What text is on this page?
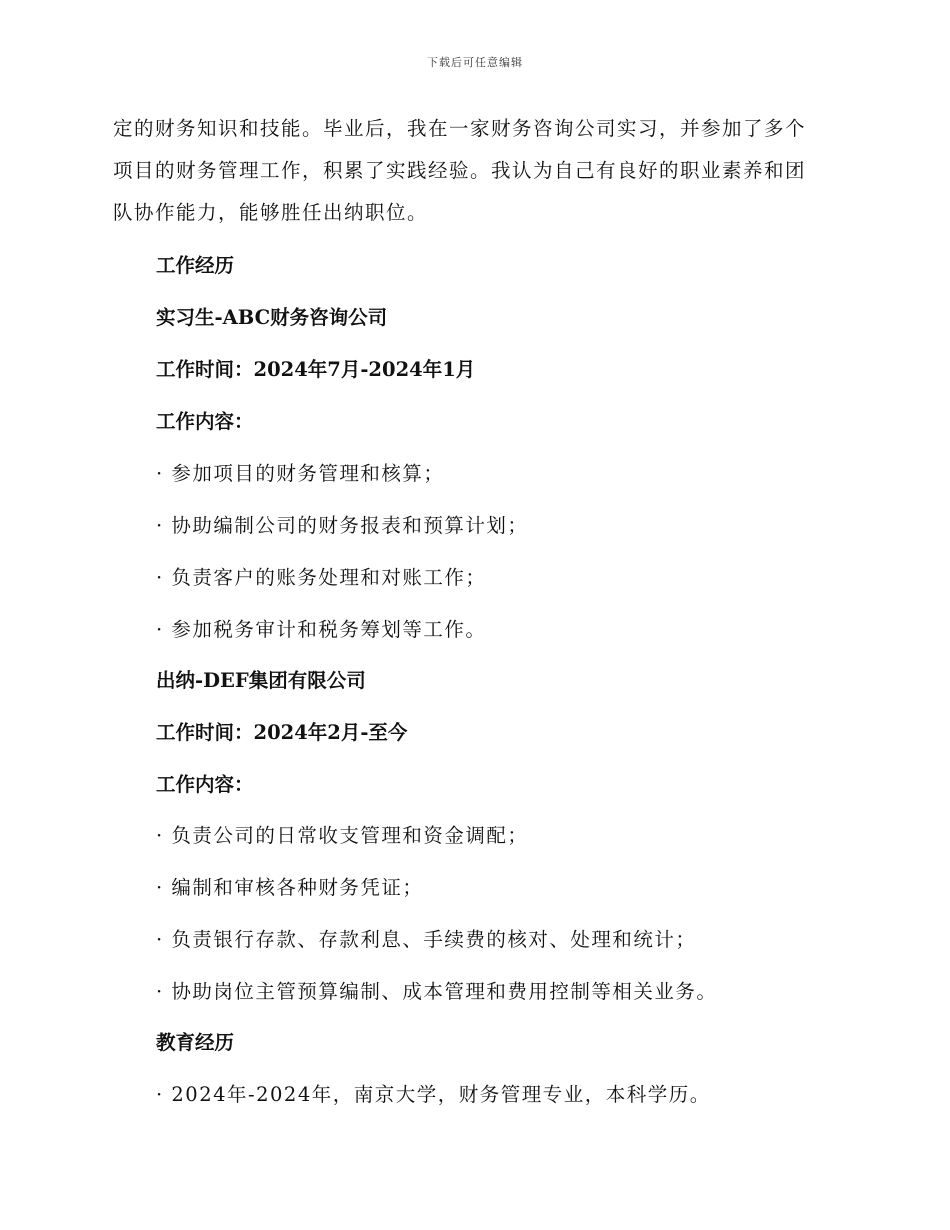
下载后可任意编辑

定的财务知识和技能。毕业后，我在一家财务咨询公司实习，并参加了多个

项目的财务管理工作，积累了实践经验。我认为自己有良好的职业素养和团

队协作能力，能够胜任出纳职位。

工作经历
实习生-ABC财务咨询公司
工作时间：2024年7月-2024年1月
工作内容：
· 参加项目的财务管理和核算；
· 协助编制公司的财务报表和预算计划；
· 负责客户的账务处理和对账工作；
· 参加税务审计和税务筹划等工作。
出纳-DEF集团有限公司
工作时间：2024年2月-至今
工作内容：
· 负责公司的日常收支管理和资金调配；
· 编制和审核各种财务凭证；
· 负责银行存款、存款利息、手续费的核对、处理和统计；
· 协助岗位主管预算编制、成本管理和费用控制等相关业务。
教育经历
· 2024年-2024年，南京大学，财务管理专业，本科学历。
